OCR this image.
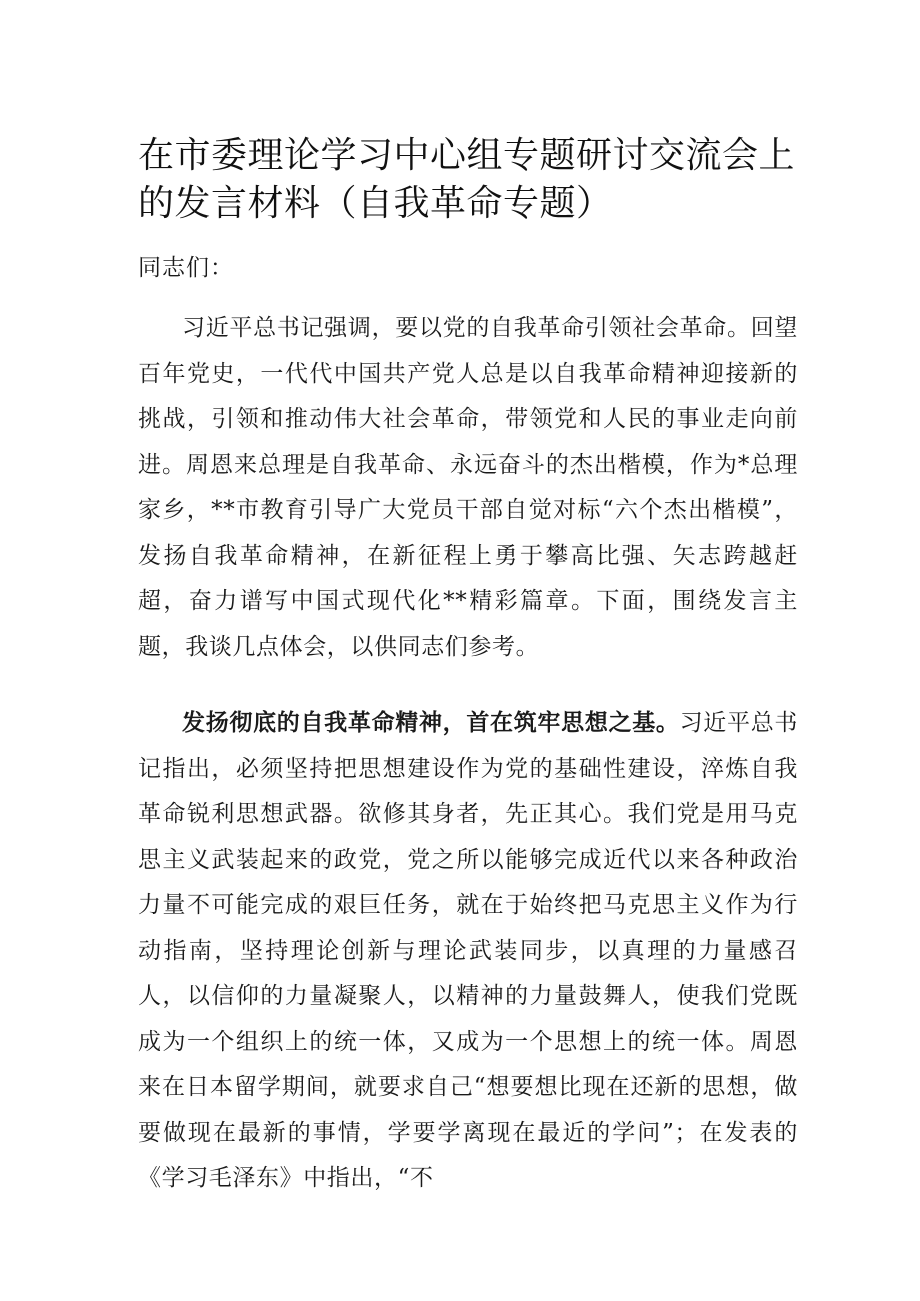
在市委理论学习中心组专题研讨交流会上的发言材料（自我革命专题）

同志们：

习近平总书记强调，要以党的自我革命引领社会革命。回望百年党史，一代代中国共产党人总是以自我革命精神迎接新的挑战，引领和推动伟大社会革命，带领党和人民的事业走向前进。周恩来总理是自我革命、永远奋斗的杰出楷模，作为*总理家乡，**市教育引导广大党员干部自觉对标“六个杰出楷模”，发扬自我革命精神，在新征程上勇于攀高比强、矢志跨越赶超，奋力谱写中国式现代化**精彩篇章。下面，围绕发言主题，我谈几点体会，以供同志们参考。

发扬彻底的自我革命精神，首在筑牢思想之基。习近平总书记指出，必须坚持把思想建设作为党的基础性建设，淬炼自我革命锐利思想武器。欲修其身者，先正其心。我们党是用马克思主义武装起来的政党，党之所以能够完成近代以来各种政治力量不可能完成的艰巨任务，就在于始终把马克思主义作为行动指南，坚持理论创新与理论武装同步，以真理的力量感召人，以信仰的力量凝聚人，以精神的力量鼓舞人，使我们党既成为一个组织上的统一体，又成为一个思想上的统一体。周恩来在日本留学期间，就要求自己“想要想比现在还新的思想，做要做现在最新的事情，学要学离现在最近的学问”；在发表的《学习毛泽东》中指出，“不
